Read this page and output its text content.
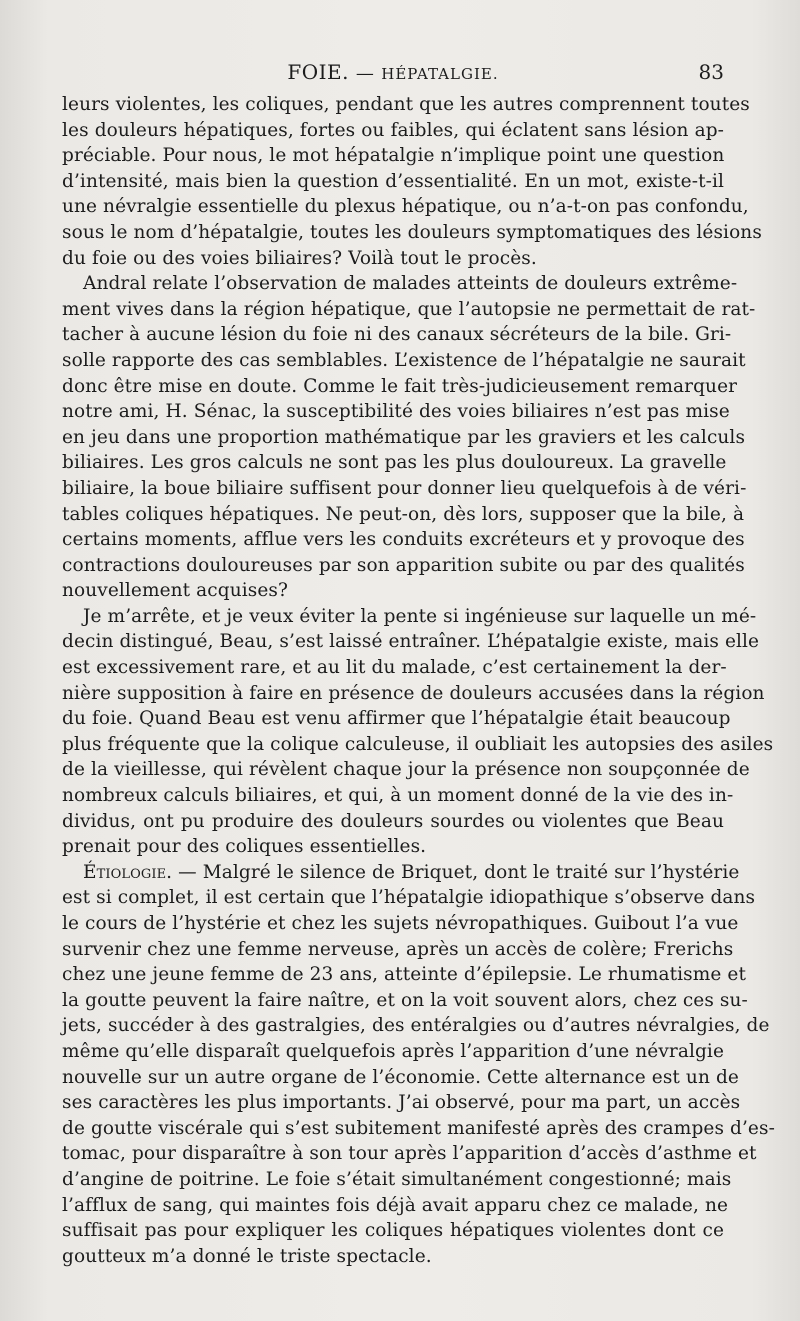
FOIE. — HÉPATALGIE.	83
leurs violentes, les coliques, pendant que les autres comprennent toutes
les douleurs hépatiques, fortes ou faibles, qui éclatent sans lésion ap-
préciable. Pour nous, le mot hépatalgie n’implique point une question
d’intensité, mais bien la question d’essentialité. En un mot, existe-t-il
une névralgie essentielle du plexus hépatique, ou n’a-t-on pas confondu,
sous le nom d’hépatalgie, toutes les douleurs symptomatiques des lésions
du foie ou des voies biliaires? Voilà tout le procès.
Andral relate l’observation de malades atteints de douleurs extrême-
ment vives dans la région hépatique, que l’autopsie ne permettait de rat-
tacher à aucune lésion du foie ni des canaux sécréteurs de la bile. Gri-
solle rapporte des cas semblables. L’existence de l’hépatalgie ne saurait
donc être mise en doute. Comme le fait très-judicieusement remarquer
notre ami, H. Sénac, la susceptibilité des voies biliaires n’est pas mise
en jeu dans une proportion mathématique par les graviers et les calculs
biliaires. Les gros calculs ne sont pas les plus douloureux. La gravelle
biliaire, la boue biliaire suffisent pour donner lieu quelquefois à de véri-
tables coliques hépatiques. Ne peut-on, dès lors, supposer que la bile, à
certains moments, afflue vers les conduits excréteurs et y provoque des
contractions douloureuses par son apparition subite ou par des qualités
nouvellement acquises?
Je m’arrête, et je veux éviter la pente si ingénieuse sur laquelle un mé-
decin distingué, Beau, s’est laissé entraîner. L’hépatalgie existe, mais elle
est excessivement rare, et au lit du malade, c’est certainement la der-
nière supposition à faire en présence de douleurs accusées dans la région
du foie. Quand Beau est venu affirmer que l’hépatalgie était beaucoup
plus fréquente que la colique calculeuse, il oubliait les autopsies des asiles
de la vieillesse, qui révèlent chaque jour la présence non soupçonnée de
nombreux calculs biliaires, et qui, à un moment donné de la vie des in-
dividus, ont pu produire des douleurs sourdes ou violentes que Beau
prenait pour des coliques essentielles.
Étiologie. — Malgré le silence de Briquet, dont le traité sur l’hystérie
est si complet, il est certain que l’hépatalgie idiopathique s’observe dans
le cours de l’hystérie et chez les sujets névropathiques. Guibout l’a vue
survenir chez une femme nerveuse, après un accès de colère; Frerichs
chez une jeune femme de 23 ans, atteinte d’épilepsie. Le rhumatisme et
la goutte peuvent la faire naître, et on la voit souvent alors, chez ces su-
jets, succéder à des gastralgies, des entéralgies ou d’autres névralgies, de
même qu’elle disparaît quelquefois après l’apparition d’une névralgie
nouvelle sur un autre organe de l’économie. Cette alternance est un de
ses caractères les plus importants. J’ai observé, pour ma part, un accès
de goutte viscérale qui s’est subitement manifesté après des crampes d’es-
tomac, pour disparaître à son tour après l’apparition d’accès d’asthme et
d’angine de poitrine. Le foie s’était simultanément congestionné; mais
l’afflux de sang, qui maintes fois déjà avait apparu chez ce malade, ne
suffisait pas pour expliquer les coliques hépatiques violentes dont ce
goutteux m’a donné le triste spectacle.
